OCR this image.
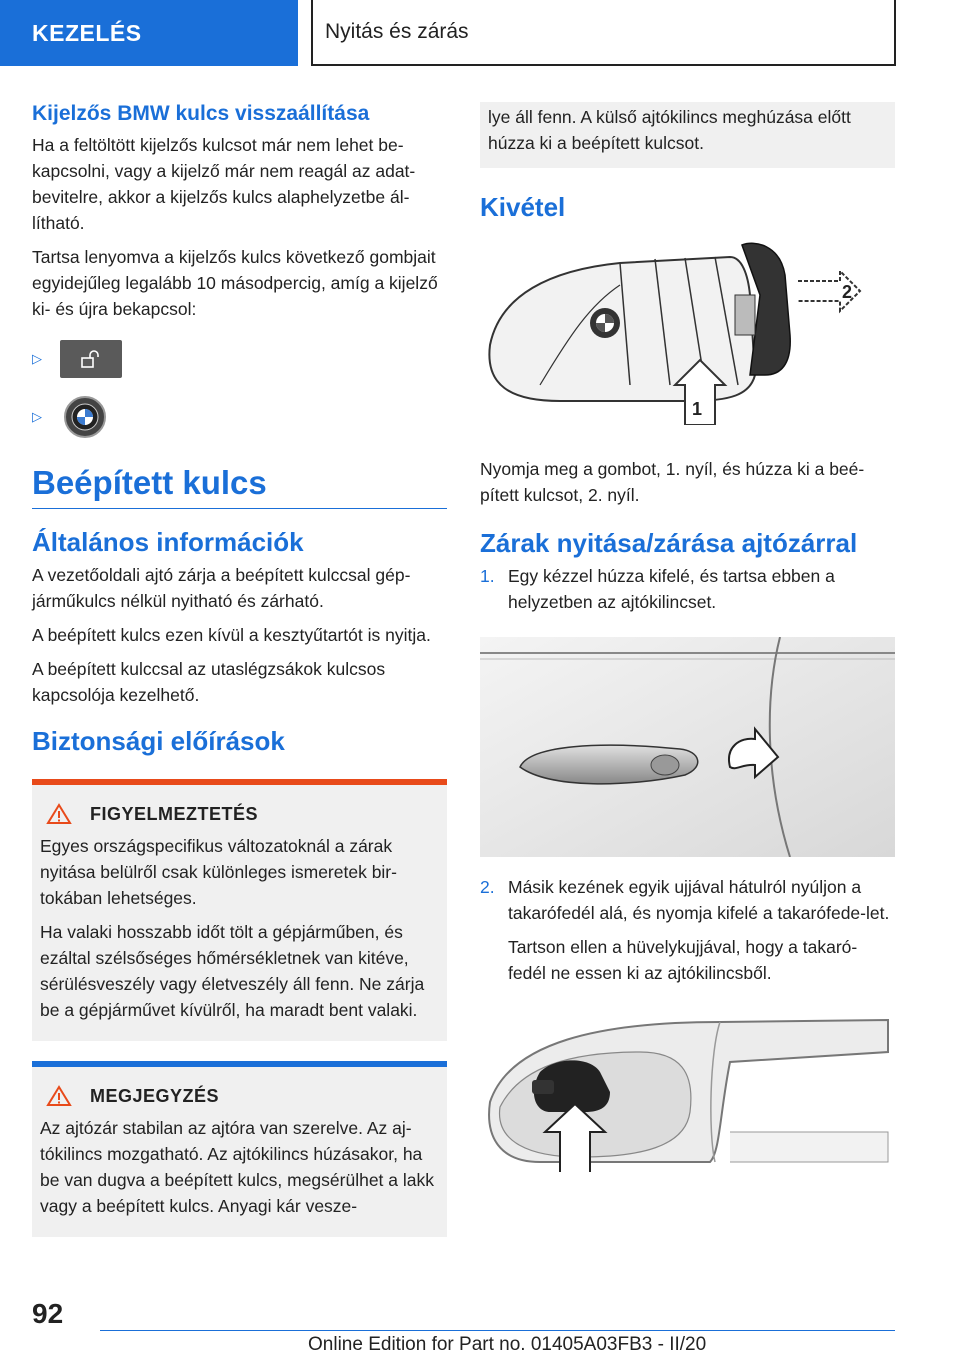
KEZELÉS	Nyitás és zárás
Kijelzős BMW kulcs visszaállítása

Ha a feltöltött kijelzős kulcsot már nem lehet be-kapcsolni, vagy a kijelző már nem reagál az adat-bevitelre, akkor a kijelzős kulcs alaphelyzetbe ál-lítható.

Tartsa lenyomva a kijelzős kulcs következő gombjait egyidejűleg legalább 10 másodpercig, amíg a kijelző ki- és újra bekapcsol:

▷
▷
Beépített kulcs
Általános információk

A vezetőoldali ajtó zárja a beépített kulccsal gép-járműkulcs nélkül nyitható és zárható.

A beépített kulcs ezen kívül a kesztyűtartót is nyitja.

A beépített kulccsal az utaslégzsákok kulcsos kapcsolója kezelhető.

Biztonsági előírások
FIGYELMEZTETÉS

Egyes országspecifikus változatoknál a zárak nyitása belülről csak különleges ismeretek bir-tokában lehetséges.

Ha valaki hosszabb időt tölt a gépjárműben, és ezáltal szélsőséges hőmérsékletnek van kitéve, sérülésveszély vagy életveszély áll fenn. Ne zárja be a gépjárművet kívülről, ha maradt bent valaki.

MEGJEGYZÉS

Az ajtózár stabilan az ajtóra van szerelve. Az aj-tókilincs mozgatható. Az ajtókilincs húzásakor, ha be van dugva a beépített kulcs, megsérülhet a lakk vagy a beépített kulcs. Anyagi kár vesze-

lye áll fenn. A külső ajtókilincs meghúzása előtt húzza ki a beépített kulcsot.

Kivétel
2
1

Nyomja meg a gombot, 1. nyíl, és húzza ki a beé-pített kulcsot, 2. nyíl.

Zárak nyitása/zárása ajtózárral
1. Egy kézzel húzza kifelé, és tartsa ebben a helyzetben az ajtókilincset.
2. Másik kezének egyik ujjával hátulról nyúljon a takarófedél alá, és nyomja kifelé a takarófede-let.

Tartson ellen a hüvelykujjával, hogy a takaró-fedél ne essen ki az ajtókilincsből.

92
Online Edition for Part no. 01405A03FB3 - II/20
